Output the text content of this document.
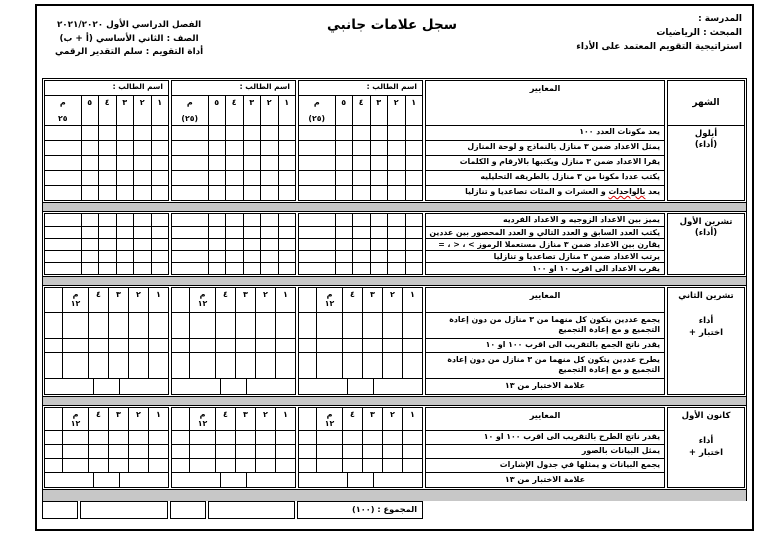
المدرسة :
المبحث : الرياضيات
استراتيجية التقويم المعتمد على الأداء
سجل علامات جانبي
الفصل الدراسي الأول ٢٠٢١/٢٠٢٠
الصف : الثاني الأساسي (أ + ب)
أداة التقويم : سلم التقدير الرقمي
الشهر
أيلول
(أداء)
المعايير
يعد مكونات العدد ١٠٠
يمثل الاعداد ضمن ٣ منازل بالنماذج و لوحة المنازل
يقرا الاعداد ضمن ٣ منازل ويكتبها بالارقام و الكلمات
يكتب عددا مكونا من ٣ منازل بالطريقه التحليليه
يعد بالواحدات و العشرات و المئات تصاعديا و تنازليا
اسم الطالب :
١
٢
٣
٤
٥
م
(٢٥)
اسم الطالب :
١
٢
٣
٤
٥
م
(٢٥)
اسم الطالب :
١
٢
٣
٤
٥
م
٢٥
تشرين الأول
(أداء)
يميز بين الاعداد الزوجيه و الاعداد الفرديه
يكتب العدد السابق و العدد التالي و العدد المحصور بين عددين
يقارن بين الاعداد ضمن ٣ منازل مستعملا الرموز > ، < ، =
يرتب الاعداد ضمن ٣ منازل تصاعديا و تنازليا
يقرب الاعداد الى اقرب ١٠ او ١٠٠
تشرين الثاني
أداء
+ اختبار
المعايير
يجمع عددين يتكون كل منهما من ٣ منازل من دون إعادة التجميع و مع إعادة التجميع
يقدر ناتج الجمع بالتقريب الى اقرب ١٠٠ او ١٠
يطرح عددين يتكون كل منهما من ٣ منازل من دون إعادة التجميع و مع إعادة التجميع
علامة الاختبار من ١٣
١
٢
٣
٤
م
١٢
١
٢
٣
٤
م
١٢
١
٢
٣
٤
م
١٢
كانون الأول
أداء
+ اختبار
المعايير
يقدر ناتج الطرح بالتقريب الى اقرب ١٠٠ او ١٠
يمثل البيانات بالصور
يجمع البيانات و يمثلها في جدول الإشارات
علامة الاختبار من ١٣
١
٢
٣
٤
م
١٢
١
٢
٣
٤
م
١٢
١
٢
٣
٤
م
١٢
المجموع : (١٠٠)
